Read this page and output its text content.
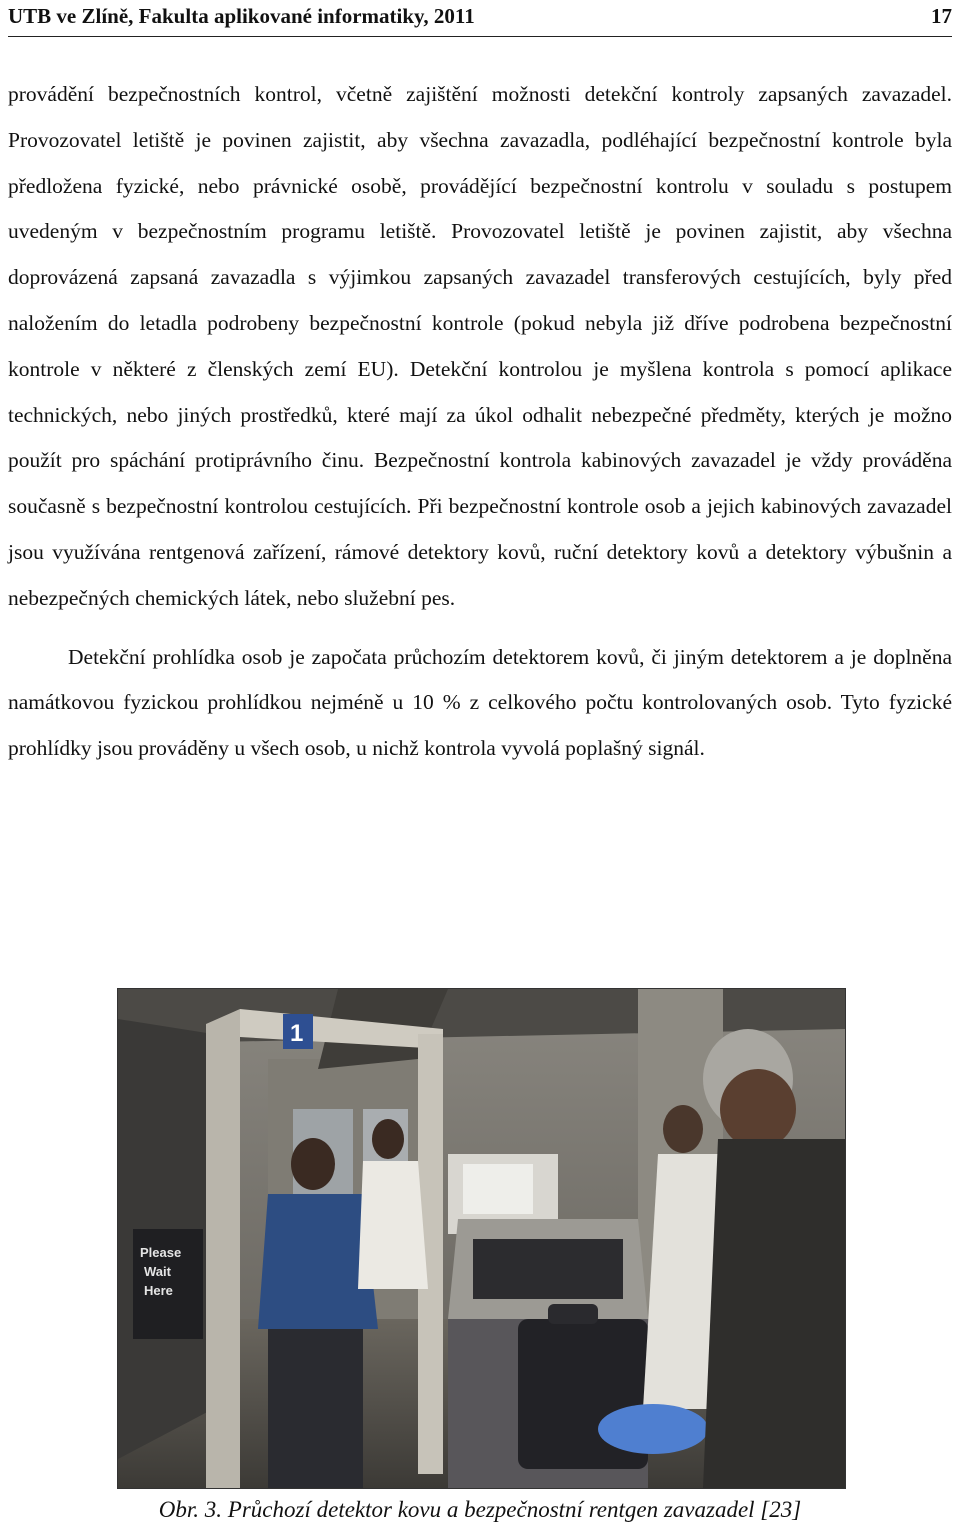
UTB ve Zlíně, Fakulta aplikované informatiky, 2011	17

provádění bezpečnostních kontrol, včetně zajištění možnosti detekční kontroly zapsaných zavazadel. Provozovatel letiště je povinen zajistit, aby všechna zavazadla, podléhající bezpečnostní kontrole byla předložena fyzické, nebo právnické osobě, provádějící bezpečnostní kontrolu v souladu s postupem uvedeným v bezpečnostním programu letiště. Provozovatel letiště je povinen zajistit, aby všechna doprovázená zapsaná zavazadla s výjimkou zapsaných zavazadel transferových cestujících, byly před naložením do letadla podrobeny bezpečnostní kontrole (pokud nebyla již dříve podrobena bezpečnostní kontrole v některé z členských zemí EU). Detekční kontrolou je myšlena kontrola s pomocí aplikace technických, nebo jiných prostředků, které mají za úkol odhalit nebezpečné předměty, kterých je možno použít pro spáchání protiprávního činu. Bezpečnostní kontrola kabinových zavazadel je vždy prováděna současně s bezpečnostní kontrolou cestujících. Při bezpečnostní kontrole osob a jejich kabinových zavazadel jsou využívána rentgenová zařízení, rámové detektory kovů, ruční detektory kovů a detektory výbušnin a nebezpečných chemických látek, nebo služební pes.

Detekční prohlídka osob je započata průchozím detektorem kovů, či jiným detektorem a je doplněna namátkovou fyzickou prohlídkou nejméně u 10 % z celkového počtu kontrolovaných osob. Tyto fyzické prohlídky jsou prováděny u všech osob, u nichž kontrola vyvolá poplašný signál.

Please
Wait
Here
1
Obr. 3. Průchozí detektor kovu a bezpečnostní rentgen zavazadel [23]
